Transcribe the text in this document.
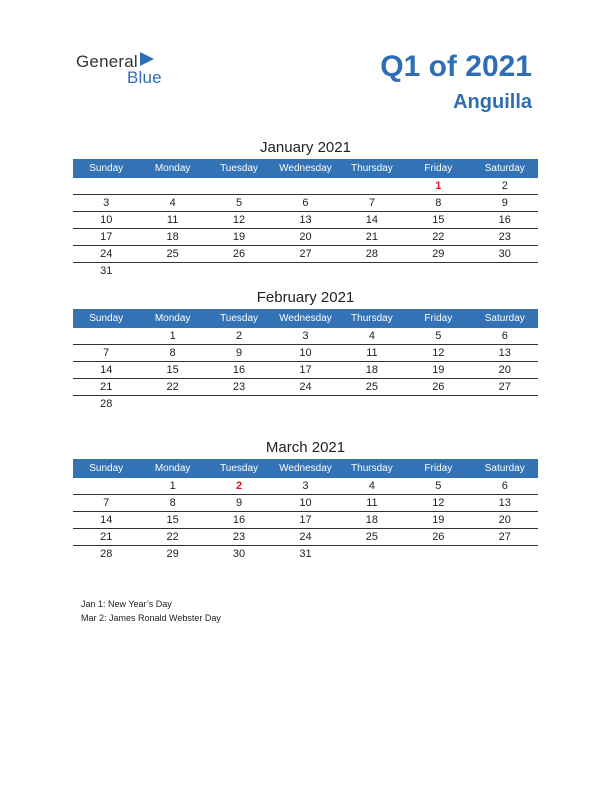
General
Blue	Q1 of 2021
Anguilla
January 2021
Sunday	Monday	Tuesday	Wednesday	Thursday	Friday	Saturday
					1	2
3	4	5	6	7	8	9
10	11	12	13	14	15	16
17	18	19	20	21	22	23
24	25	26	27	28	29	30
31						
February 2021
Sunday	Monday	Tuesday	Wednesday	Thursday	Friday	Saturday
	1	2	3	4	5	6
7	8	9	10	11	12	13
14	15	16	17	18	19	20
21	22	23	24	25	26	27
28						
March 2021
Sunday	Monday	Tuesday	Wednesday	Thursday	Friday	Saturday
	1	2	3	4	5	6
7	8	9	10	11	12	13
14	15	16	17	18	19	20
21	22	23	24	25	26	27
28	29	30	31			
Jan 1: New Year’s Day
Mar 2: James Ronald Webster Day
